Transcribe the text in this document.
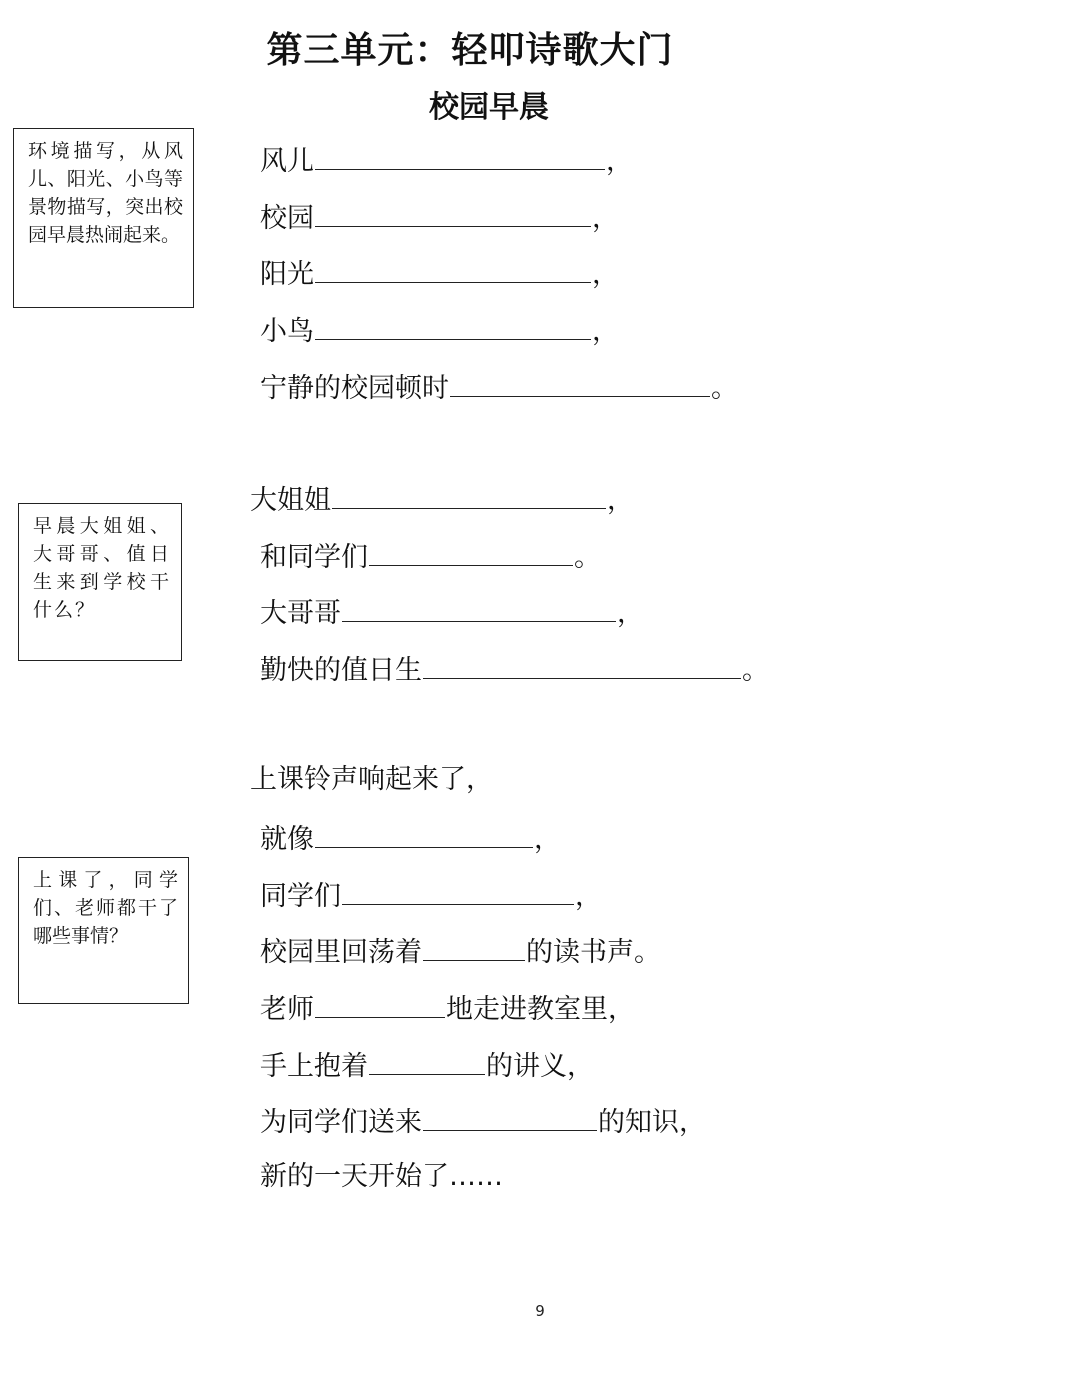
第三单元：轻叩诗歌大门
校园早晨
环境描写，从风儿、阳光、小鸟等景物描写，突出校园早晨热闹起来。
早晨大姐姐、大哥哥、值日生来到学校干什么？
上课了，同学们、老师都干了哪些事情？
风儿	，
校园	，
阳光	，
小鸟	，
宁静的校园顿时	。
大姐姐	，
和同学们	。
大哥哥	，
勤快的值日生	。
上课铃声响起来了，
就像	，
同学们	，
校园里回荡着	的读书声。
老师	地走进教室里，
手上抱着	的讲义，
为同学们送来	的知识，
新的一天开始了……
9
